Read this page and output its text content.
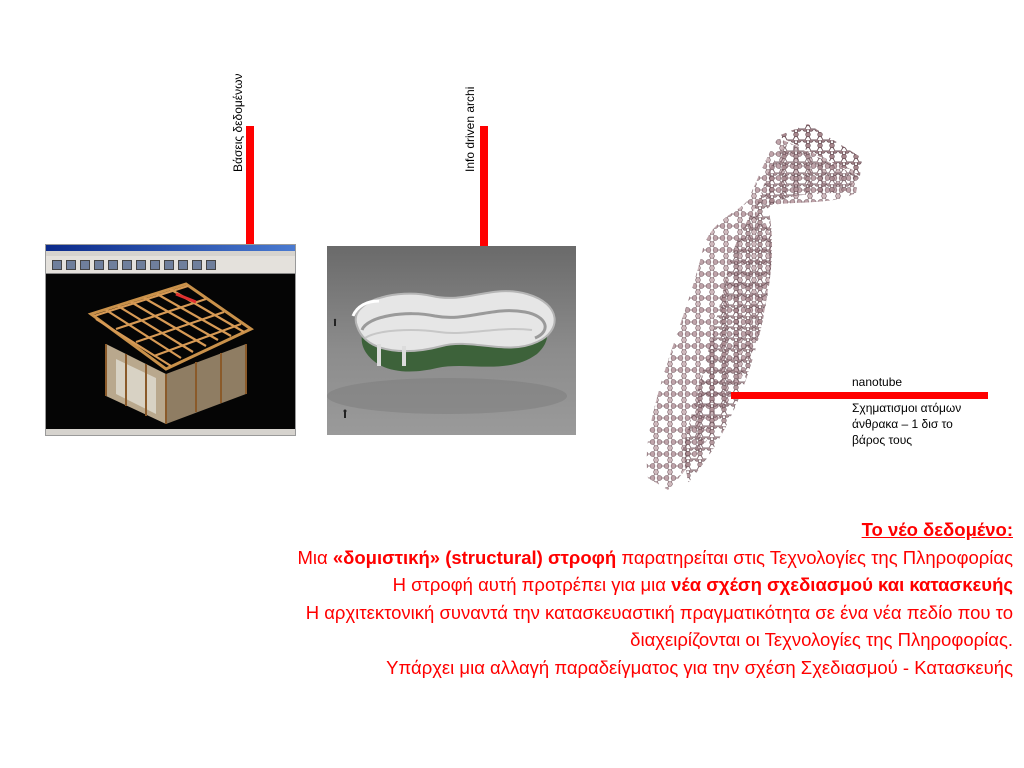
Βάσεις δεδομένων	Info driven archi
nanotube
Σχηματισμοι ατόμων
άνθρακα – 1 δισ το
βάρος τους
Το νέο δεδομένο:
Μια «δομιστική» (structural) στροφή παρατηρείται στις Τεχνολογίες της Πληροφορίας
Η στροφή αυτή προτρέπει για μια νέα σχέση σχεδιασμού και κατασκευής
Η αρχιτεκτονική συναντά την κατασκευαστική πραγματικότητα σε ένα νέα πεδίο που το
διαχειρίζονται οι Τεχνολογίες της Πληροφορίας.
Υπάρχει μια αλλαγή παραδείγματος για την σχέση Σχεδιασμού - Κατασκευής
